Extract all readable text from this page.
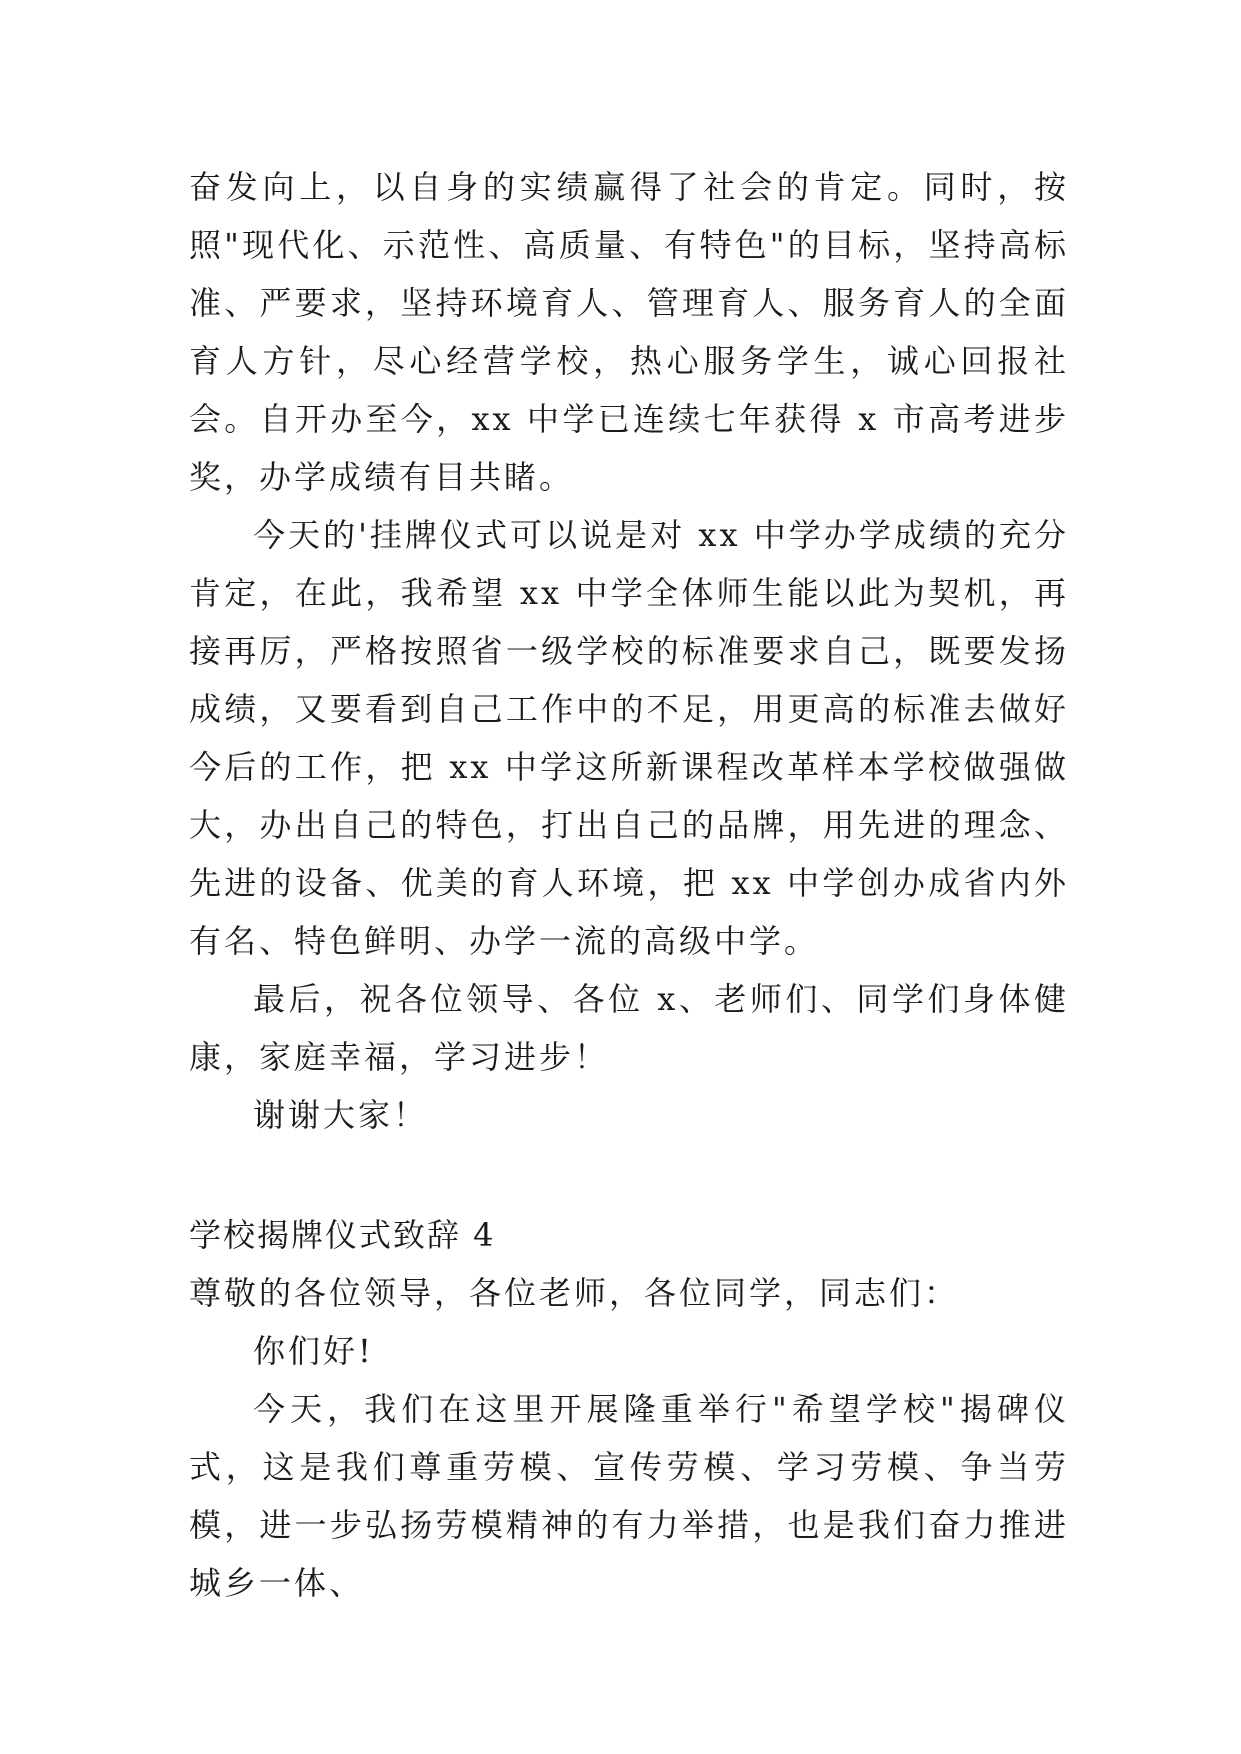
奋发向上，以自身的实绩赢得了社会的肯定。同时，按照"现代化、示范性、高质量、有特色"的目标，坚持高标准、严要求，坚持环境育人、管理育人、服务育人的全面育人方针，尽心经营学校，热心服务学生，诚心回报社会。自开办至今，xx 中学已连续七年获得 x 市高考进步奖，办学成绩有目共睹。

今天的'挂牌仪式可以说是对 xx 中学办学成绩的充分肯定，在此，我希望 xx 中学全体师生能以此为契机，再接再厉，严格按照省一级学校的标准要求自己，既要发扬成绩，又要看到自己工作中的不足，用更高的标准去做好今后的工作，把 xx 中学这所新课程改革样本学校做强做大，办出自己的特色，打出自己的品牌，用先进的理念、先进的设备、优美的育人环境，把 xx 中学创办成省内外有名、特色鲜明、办学一流的高级中学。

最后，祝各位领导、各位 x、老师们、同学们身体健康，家庭幸福，学习进步！

谢谢大家！

学校揭牌仪式致辞 4

尊敬的各位领导，各位老师，各位同学，同志们：

你们好!

今天，我们在这里开展隆重举行"希望学校"揭碑仪式，这是我们尊重劳模、宣传劳模、学习劳模、争当劳模，进一步弘扬劳模精神的有力举措，也是我们奋力推进城乡一体、
